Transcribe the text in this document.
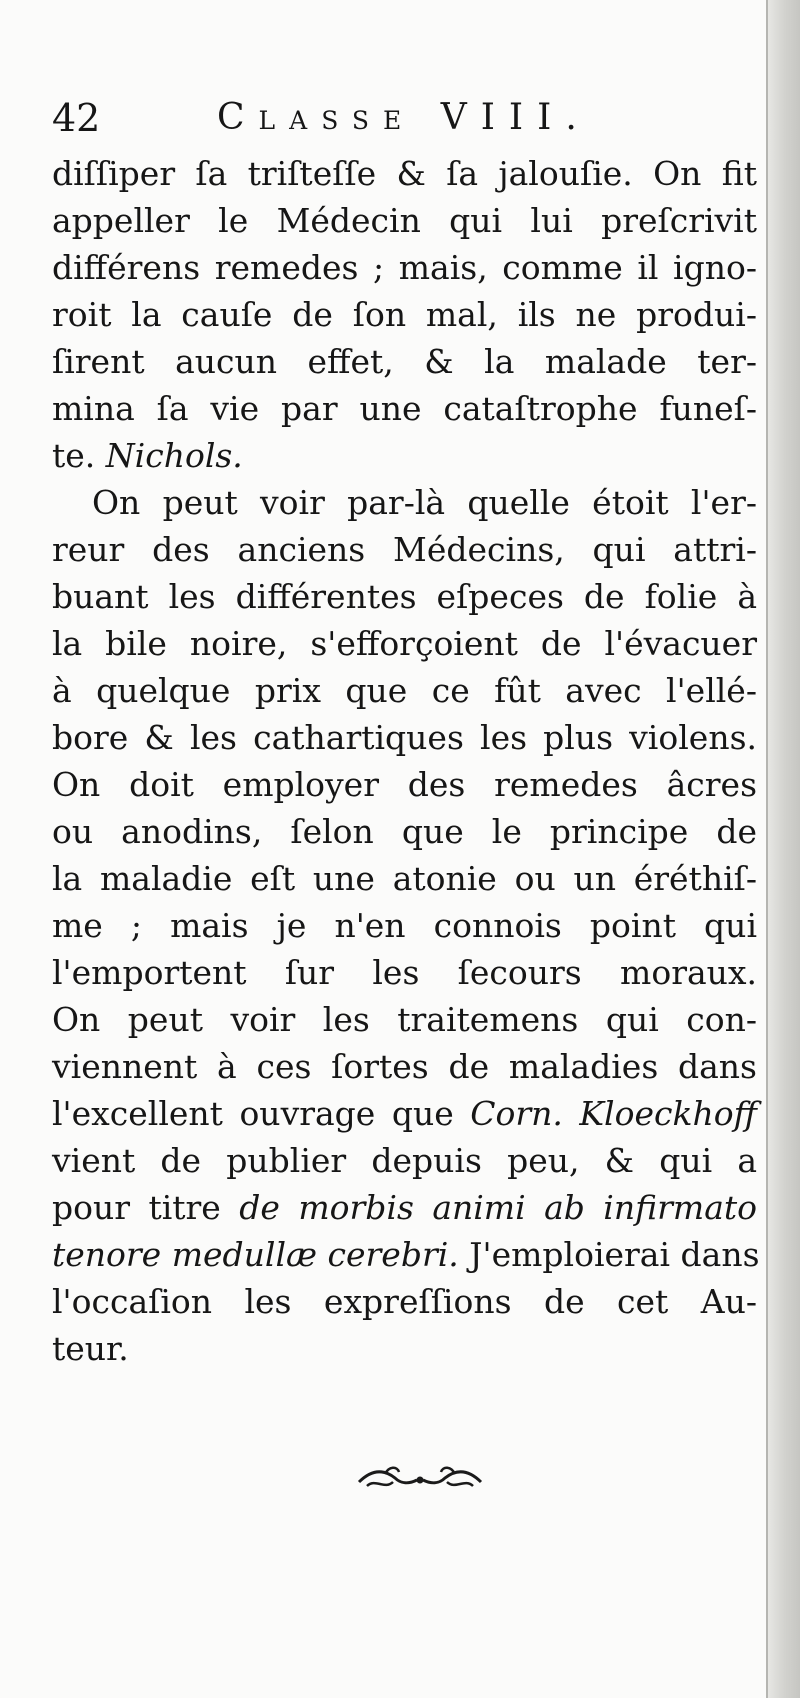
42	Classe VIII.
diſſiper ſa triſteſſe & ſa jalouſie. On fit
appeller le Médecin qui lui preſcrivit
différens remedes ; mais, comme il igno-
roit la cauſe de ſon mal, ils ne produi-
ſirent aucun effet, & la malade ter-
mina ſa vie par une cataſtrophe funeſ-
te. Nichols.
On peut voir par-là quelle étoit l'er-
reur des anciens Médecins, qui attri-
buant les différentes eſpeces de folie à
la bile noire, s'efforçoient de l'évacuer
à quelque prix que ce fût avec l'ellé-
bore & les cathartiques les plus violens.
On doit employer des remedes âcres
ou anodins, ſelon que le principe de
la maladie eſt une atonie ou un éréthiſ-
me ; mais je n'en connois point qui
l'emportent ſur les ſecours moraux.
On peut voir les traitemens qui con-
viennent à ces ſortes de maladies dans
l'excellent ouvrage que Corn. Kloeckhoff
vient de publier depuis peu, & qui a
pour titre de morbis animi ab infirmato
tenore medullæ cerebri. J'emploierai dans
l'occaſion les expreſſions de cet Au-
teur.
